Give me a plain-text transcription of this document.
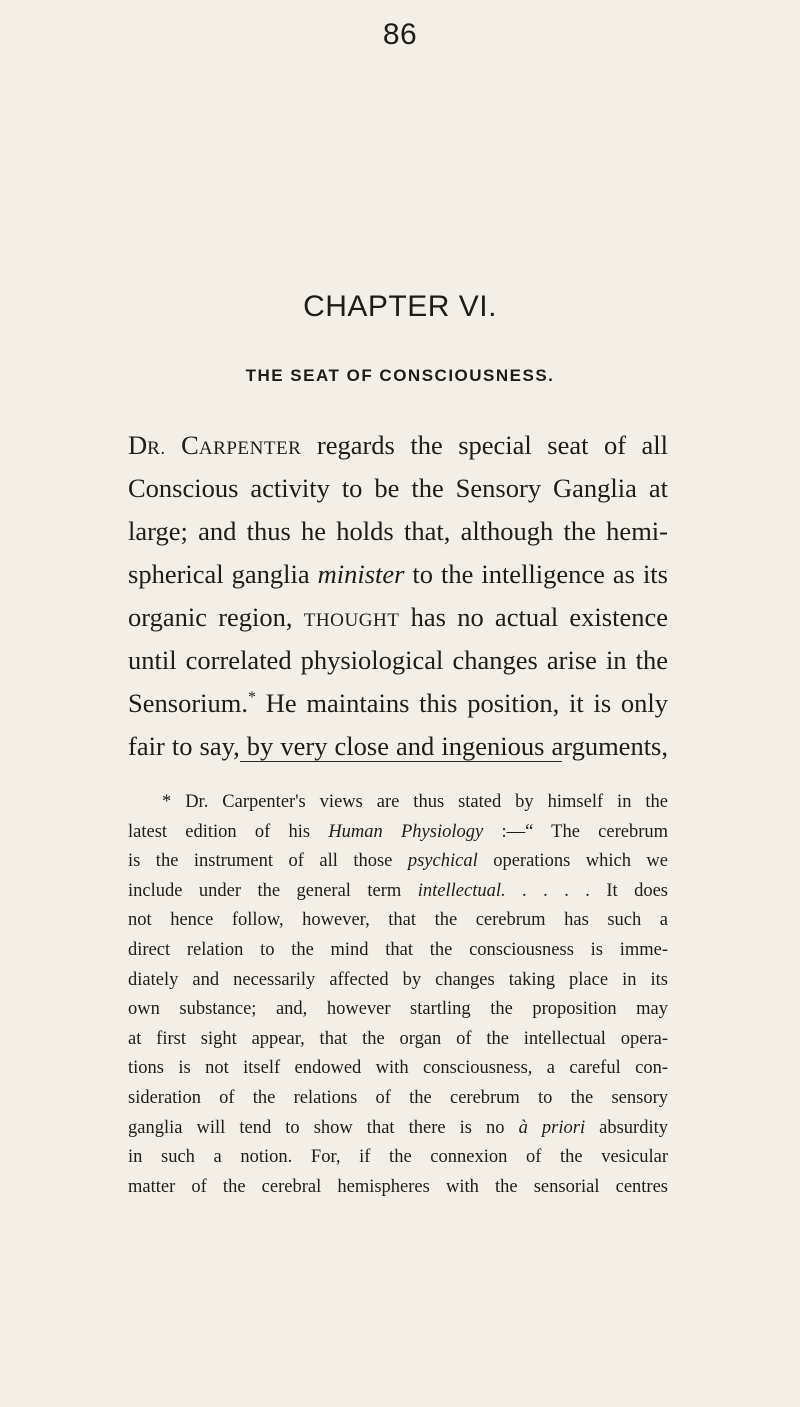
86
CHAPTER VI.
THE SEAT OF CONSCIOUSNESS.
DR. CARPENTER regards the special seat of all
Conscious activity to be the Sensory Ganglia at
large; and thus he holds that, although the hemi-
spherical ganglia minister to the intelligence as its
organic region, THOUGHT has no actual existence
until correlated physiological changes arise in the
Sensorium.* He maintains this position, it is only
fair to say, by very close and ingenious arguments,
* Dr. Carpenter's views are thus stated by himself in the
latest edition of his Human Physiology :—“ The cerebrum
is the instrument of all those psychical operations which we
include under the general term intellectual. . . . . It does
not hence follow, however, that the cerebrum has such a
direct relation to the mind that the consciousness is imme-
diately and necessarily affected by changes taking place in its
own substance; and, however startling the proposition may
at first sight appear, that the organ of the intellectual opera-
tions is not itself endowed with consciousness, a careful con-
sideration of the relations of the cerebrum to the sensory
ganglia will tend to show that there is no à priori absurdity
in such a notion. For, if the connexion of the vesicular
matter of the cerebral hemispheres with the sensorial centres
